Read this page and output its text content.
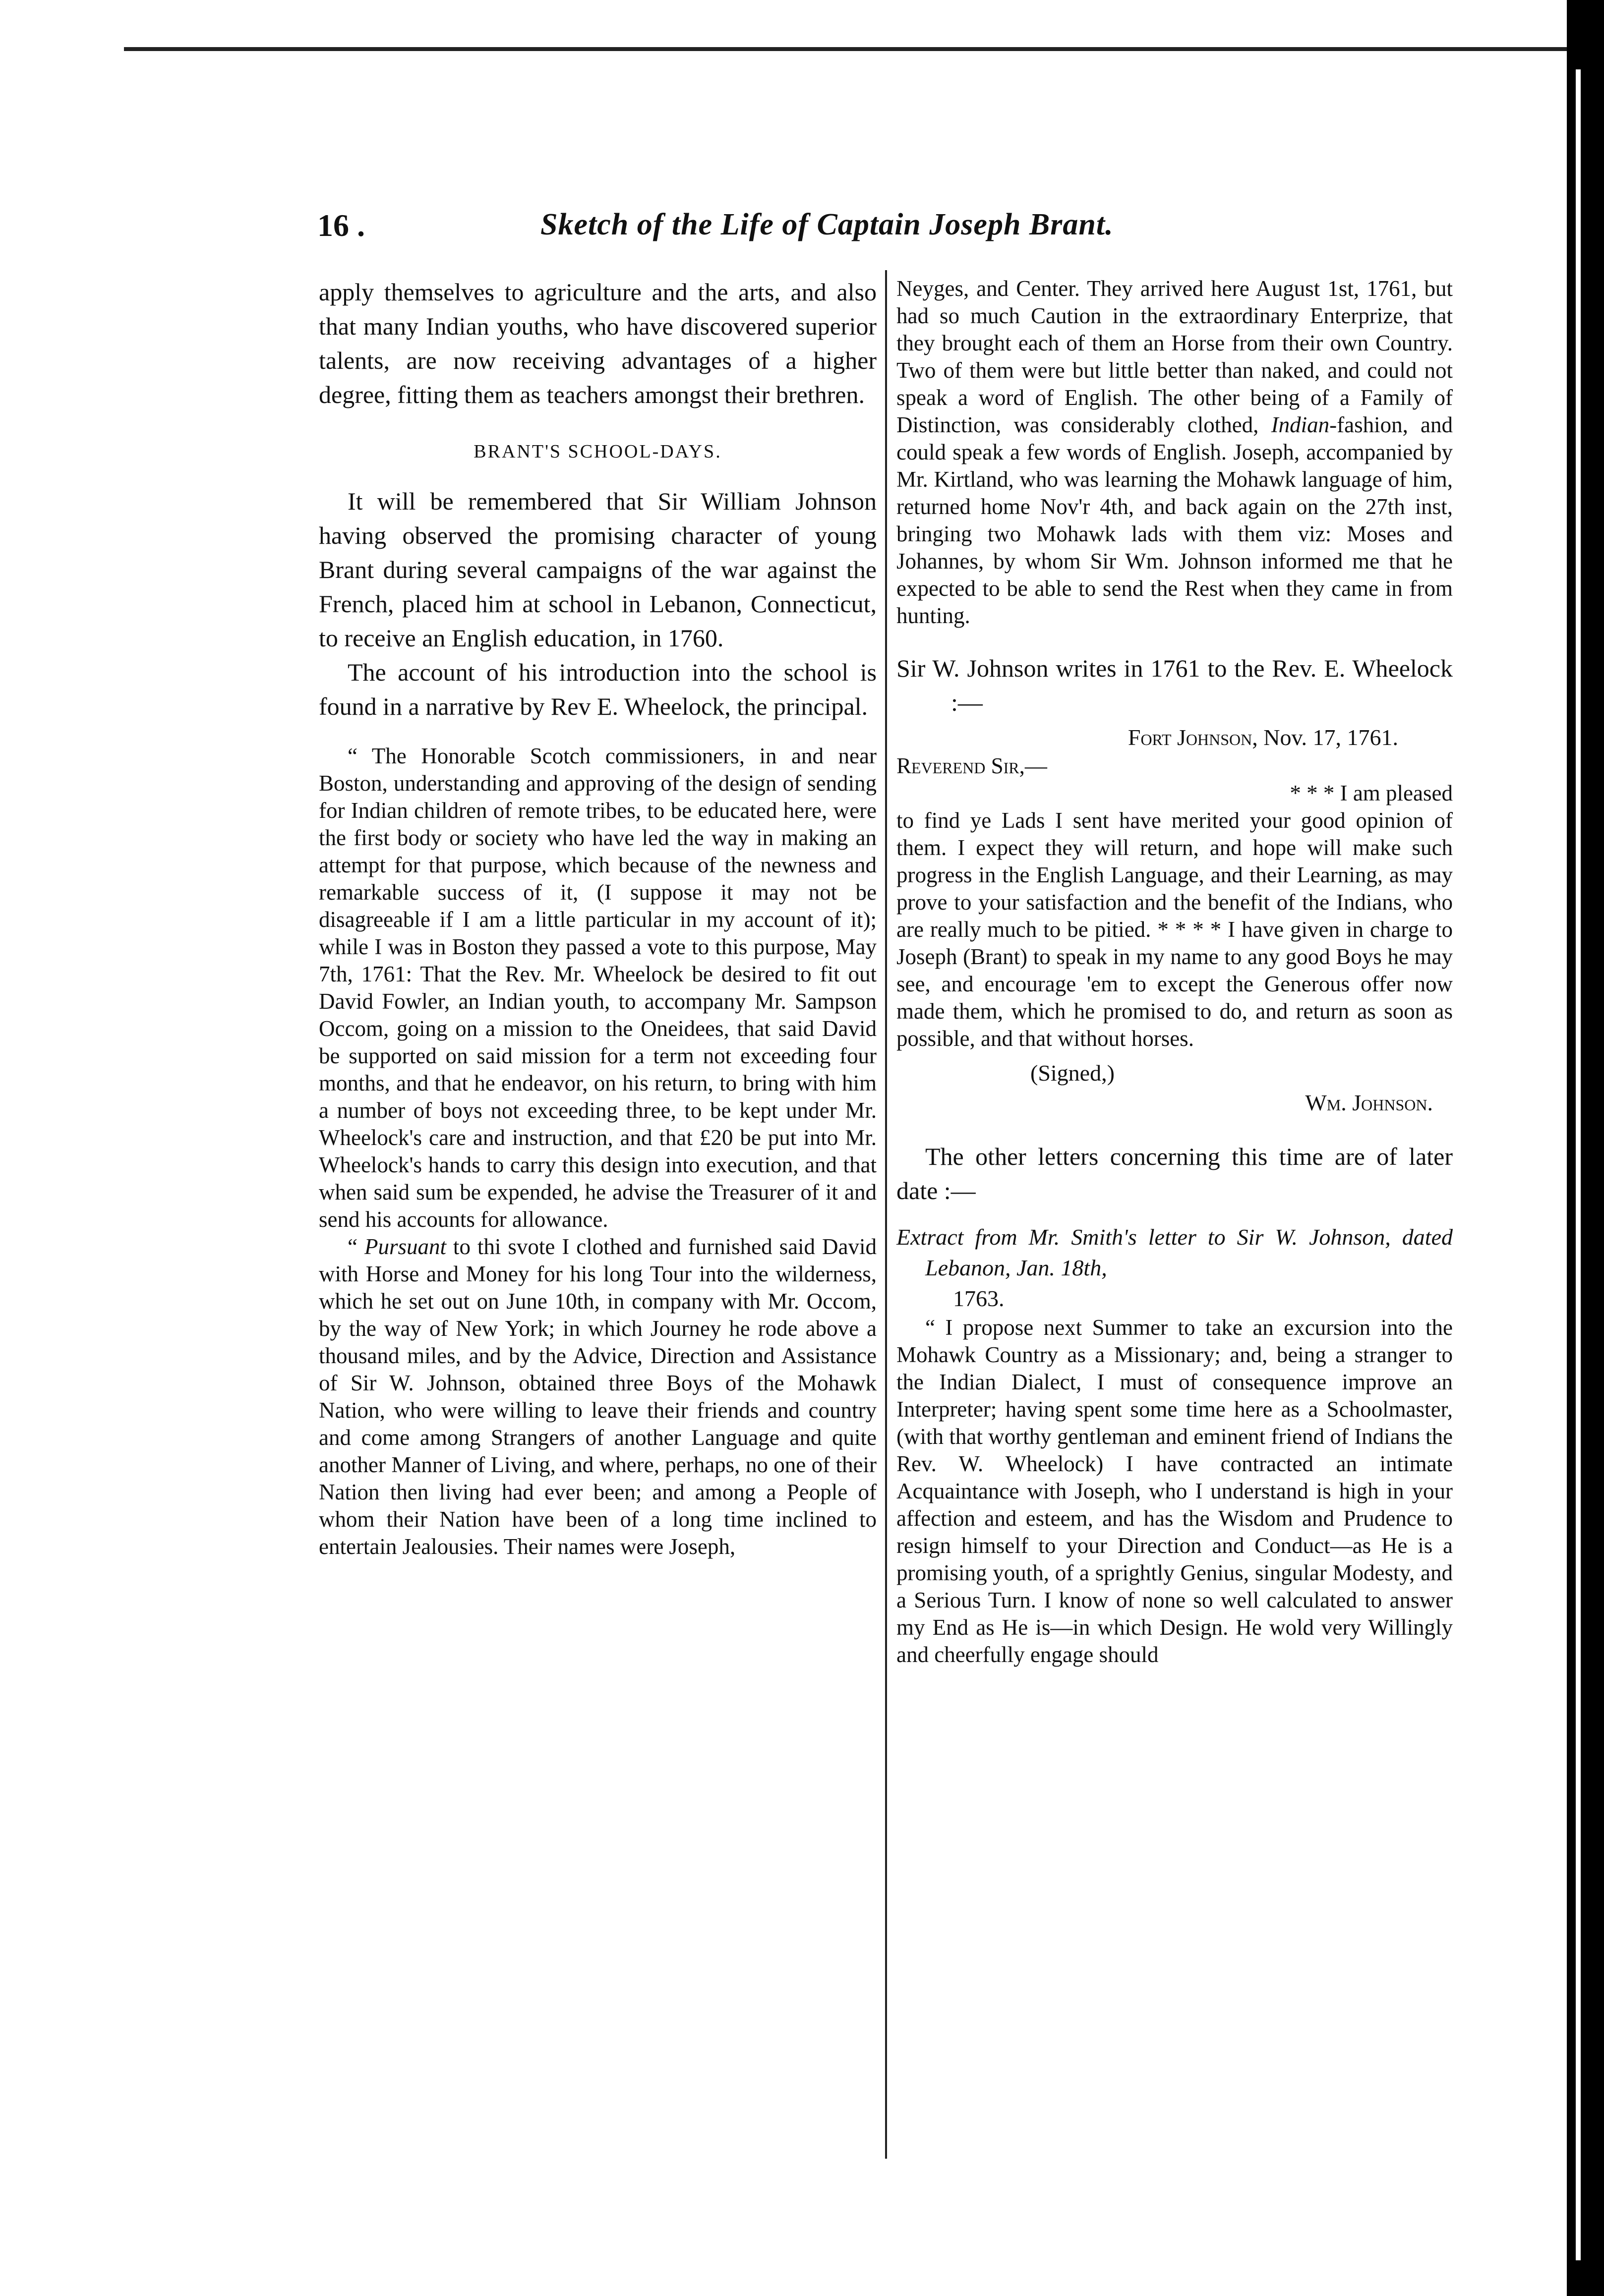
16 .	Sketch of the Life of Captain Joseph Brant.

apply themselves to agriculture and the arts, and also that many Indian youths, who have discovered superior talents, are now receiving advantages of a higher degree, fitting them as teachers amongst their brethren.

BRANT'S SCHOOL-DAYS.

It will be remembered that Sir William Johnson having observed the promising character of young Brant during several campaigns of the war against the French, placed him at school in Lebanon, Connecticut, to receive an English education, in 1760.

The account of his introduction into the school is found in a narrative by Rev E. Wheelock, the principal.

“ The Honorable Scotch commissioners, in and near Boston, understanding and approving of the design of sending for Indian children of remote tribes, to be educated here, were the first body or society who have led the way in making an attempt for that purpose, which because of the newness and remarkable success of it, (I suppose it may not be disagreeable if I am a little particular in my account of it); while I was in Boston they passed a vote to this purpose, May 7th, 1761: That the Rev. Mr. Wheelock be desired to fit out David Fowler, an Indian youth, to accompany Mr. Sampson Occom, going on a mission to the Oneidees, that said David be supported on said mission for a term not exceeding four months, and that he endeavor, on his return, to bring with him a number of boys not exceeding three, to be kept under Mr. Wheelock's care and instruction, and that £20 be put into Mr. Wheelock's hands to carry this design into execution, and that when said sum be expended, he advise the Treasurer of it and send his accounts for allowance.

“ Pursuant to thi svote I clothed and furnished said David with Horse and Money for his long Tour into the wilderness, which he set out on June 10th, in company with Mr. Occom, by the way of New York; in which Journey he rode above a thousand miles, and by the Advice, Direction and Assistance of Sir W. Johnson, obtained three Boys of the Mohawk Nation, who were willing to leave their friends and country and come among Strangers of another Language and quite another Manner of Living, and where, perhaps, no one of their Nation then living had ever been; and among a People of whom their Nation have been of a long time inclined to entertain Jealousies. Their names were Joseph,

Neyges, and Center. They arrived here August 1st, 1761, but had so much Caution in the extraordinary Enterprize, that they brought each of them an Horse from their own Country. Two of them were but little better than naked, and could not speak a word of English. The other being of a Family of Distinction, was considerably clothed, Indian-fashion, and could speak a few words of English. Joseph, accompanied by Mr. Kirtland, who was learning the Mohawk language of him, returned home Nov'r 4th, and back again on the 27th inst, bringing two Mohawk lads with them viz: Moses and Johannes, by whom Sir Wm. Johnson informed me that he expected to be able to send the Rest when they came in from hunting.

Sir W. Johnson writes in 1761 to the Rev. E. Wheelock :—

Fort Johnson, Nov. 17, 1761.

Reverend Sir,—

* * * I am pleased

to find ye Lads I sent have merited your good opinion of them. I expect they will return, and hope will make such progress in the English Language, and their Learning, as may prove to your satisfaction and the benefit of the Indians, who are really much to be pitied. * * * * I have given in charge to Joseph (Brant) to speak in my name to any good Boys he may see, and encourage 'em to except the Generous offer now made them, which he promised to do, and return as soon as possible, and that without horses.

(Signed,)

Wm. Johnson.

The other letters concerning this time are of later date :—

Extract from Mr. Smith's letter to Sir W. Johnson, dated Lebanon, Jan. 18th,

1763.

“ I propose next Summer to take an excursion into the Mohawk Country as a Missionary; and, being a stranger to the Indian Dialect, I must of consequence improve an Interpreter; having spent some time here as a Schoolmaster, (with that worthy gentleman and eminent friend of Indians the Rev. W. Wheelock) I have contracted an intimate Acquaintance with Joseph, who I understand is high in your affection and esteem, and has the Wisdom and Prudence to resign himself to your Direction and Conduct—as He is a promising youth, of a sprightly Genius, singular Modesty, and a Serious Turn. I know of none so well calculated to answer my End as He is—in which Design. He wold very Willingly and cheerfully engage should
